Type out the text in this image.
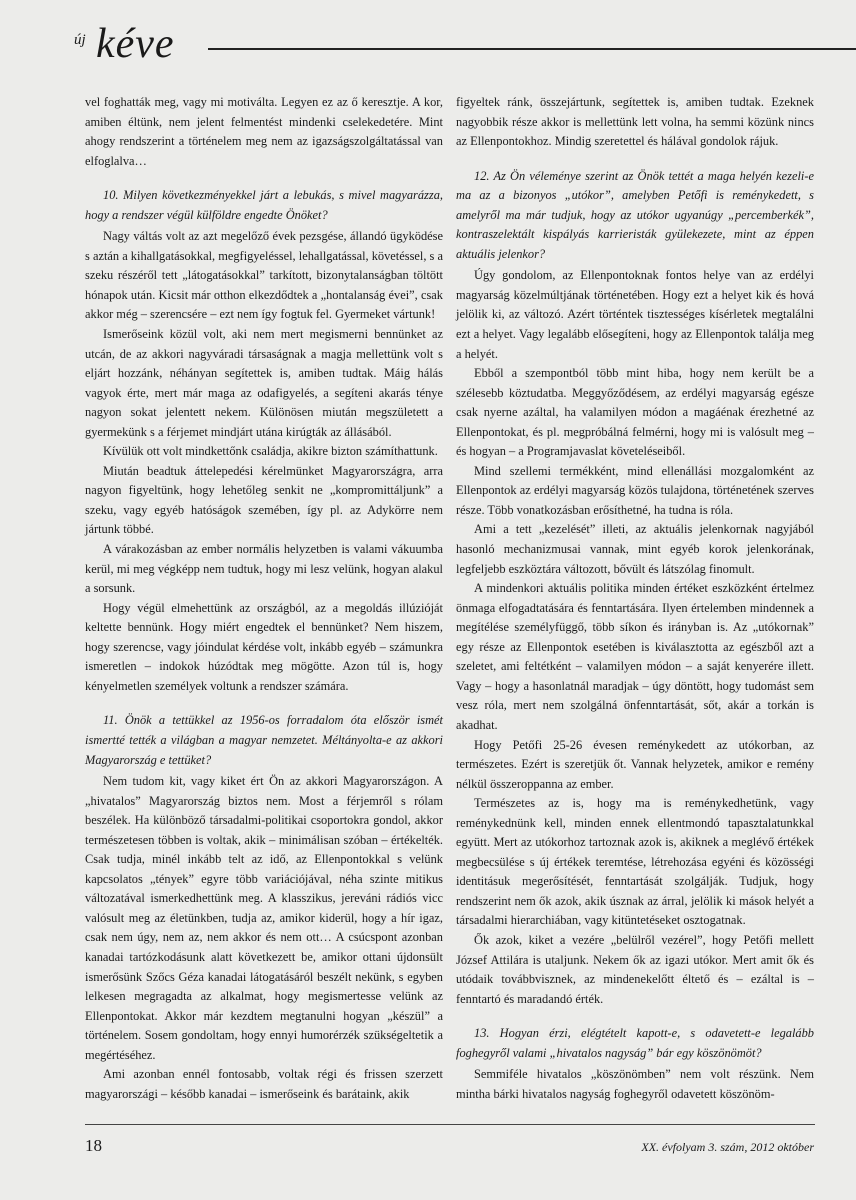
új kéve

vel foghatták meg, vagy mi motiválta. Legyen ez az ő keresztje. A kor, amiben éltünk, nem jelent felmentést mindenki cselekedetére. Mint ahogy rendszerint a történelem meg nem az igazságszolgáltatással van elfoglalva…

10. Milyen következményekkel járt a lebukás, s mivel magyarázza, hogy a rendszer végül külföldre engedte Önöket?

Nagy váltás volt az azt megelőző évek pezsgése, állandó ügyködése s aztán a kihallgatásokkal, megfigyeléssel, lehallgatással, követéssel, s a szeku részéről tett „látogatásokkal” tarkított, bizonytalanságban töltött hónapok után. Kicsit már otthon elkezdődtek a „hontalanság évei”, csak akkor még – szerencsére – ezt nem így fogtuk fel. Gyermeket vártunk!

Ismerőseink közül volt, aki nem mert megismerni bennünket az utcán, de az akkori nagyváradi társaságnak a magja mellettünk volt s eljárt hozzánk, néhányan segítettek is, amiben tudtak. Máig hálás vagyok érte, mert már maga az odafigyelés, a segíteni akarás ténye nagyon sokat jelentett nekem. Különösen miután megszületett a gyermekünk s a férjemet mindjárt utána kirúgták az állásából.

Kívülük ott volt mindkettőnk családja, akikre bizton számíthattunk.

Miután beadtuk áttelepedési kérelmünket Magyarországra, arra nagyon figyeltünk, hogy lehetőleg senkit ne „kompromittáljunk” a szeku, vagy egyéb hatóságok szemében, így pl. az Adykörre nem jártunk többé.

A várakozásban az ember normális helyzetben is valami vákuumba kerül, mi meg végképp nem tudtuk, hogy mi lesz velünk, hogyan alakul a sorsunk.

Hogy végül elmehettünk az országból, az a megoldás illúzióját keltette bennünk. Hogy miért engedtek el bennünket? Nem hiszem, hogy szerencse, vagy jóindulat kérdése volt, inkább egyéb – számunkra ismeretlen – indokok húzódtak meg mögötte. Azon túl is, hogy kényelmetlen személyek voltunk a rendszer számára.

11. Önök a tettükkel az 1956-os forradalom óta először ismét ismertté tették a világban a magyar nemzetet. Méltányolta-e az akkori Magyarország e tettüket?

Nem tudom kit, vagy kiket ért Ön az akkori Magyarországon. A „hivatalos” Magyarország biztos nem. Most a férjemről s rólam beszélek. Ha különböző társadalmi-politikai csoportokra gondol, akkor természetesen többen is voltak, akik – minimálisan szóban – értékelték. Csak tudja, minél inkább telt az idő, az Ellenpontokkal s velünk kapcsolatos „tények” egyre több variációjával, néha szinte mitikus változatával ismerkedhettünk meg. A klasszikus, jereváni rádiós vicc valósult meg az életünkben, tudja az, amikor kiderül, hogy a hír igaz, csak nem úgy, nem az, nem akkor és nem ott… A csúcspont azonban kanadai tartózkodásunk alatt következett be, amikor ottani újdonsült ismerősünk Szőcs Géza kanadai látogatásáról beszélt nekünk, s egyben lelkesen megragadta az alkalmat, hogy megismertesse velünk az Ellenpontokat. Akkor már kezdtem megtanulni hogyan „készül” a történelem. Sosem gondoltam, hogy ennyi humorérzék szükségeltetik a megértéséhez.

Ami azonban ennél fontosabb, voltak régi és frissen szerzett magyarországi – később kanadai – ismerőseink és barátaink, akik

figyeltek ránk, összejártunk, segítettek is, amiben tudtak. Ezeknek nagyobbik része akkor is mellettünk lett volna, ha semmi közünk nincs az Ellenpontokhoz. Mindig szeretettel és hálával gondolok rájuk.

12. Az Ön véleménye szerint az Önök tettét a maga helyén kezeli-e ma az a bizonyos „utókor”, amelyben Petőfi is reménykedett, s amelyről ma már tudjuk, hogy az utókor ugyanúgy „percemberkék”, kontraszelektált kispályás karrieristák gyülekezete, mint az éppen aktuális jelenkor?

Úgy gondolom, az Ellenpontoknak fontos helye van az erdélyi magyarság közelmúltjának történetében. Hogy ezt a helyet kik és hová jelölik ki, az változó. Azért történtek tisztességes kísérletek megtalálni ezt a helyet. Vagy legalább elősegíteni, hogy az Ellenpontok találja meg a helyét.

Ebből a szempontból több mint hiba, hogy nem került be a szélesebb köztudatba. Meggyőződésem, az erdélyi magyarság egésze csak nyerne azáltal, ha valamilyen módon a magáénak érezhetné az Ellenpontokat, és pl. megpróbálná felmérni, hogy mi is valósult meg – és hogyan – a Programjavaslat követeléseiből.

Mind szellemi termékként, mind ellenállási mozgalomként az Ellenpontok az erdélyi magyarság közös tulajdona, történetének szerves része. Több vonatkozásban erősíthetné, ha tudna is róla.

Ami a tett „kezelését” illeti, az aktuális jelenkornak nagyjából hasonló mechanizmusai vannak, mint egyéb korok jelenkorának, legfeljebb eszköztára változott, bővült és látszólag finomult.

A mindenkori aktuális politika minden értéket eszközként értelmez önmaga elfogadtatására és fenntartására. Ilyen értelemben mindennek a megítélése személyfüggő, több síkon és irányban is. Az „utókornak” egy része az Ellenpontok esetében is kiválasztotta az egészből azt a szeletet, ami feltétként – valamilyen módon – a saját kenyerére illett. Vagy – hogy a hasonlatnál maradjak – úgy döntött, hogy tudomást sem vesz róla, mert nem szolgálná önfenntartását, sőt, akár a torkán is akadhat.

Hogy Petőfi 25-26 évesen reménykedett az utókorban, az természetes. Ezért is szeretjük őt. Vannak helyzetek, amikor e remény nélkül összeroppanna az ember.

Természetes az is, hogy ma is reménykedhetünk, vagy reménykednünk kell, minden ennek ellentmondó tapasztalatunkkal együtt. Mert az utókorhoz tartoznak azok is, akiknek a meglévő értékek megbecsülése s új értékek teremtése, létrehozása egyéni és közösségi identitásuk megerősítését, fenntartását szolgálják. Tudjuk, hogy rendszerint nem ők azok, akik úsznak az árral, jelölik ki mások helyét a társadalmi hierarchiában, vagy kitüntetéseket osztogatnak.

Ők azok, kiket a vezére „belülről vezérel”, hogy Petőfi mellett József Attilára is utaljunk. Nekem ők az igazi utókor. Mert amit ők és utódaik továbbvisznek, az mindenekelőtt éltető és – ezáltal is – fenntartó és maradandó érték.

13. Hogyan érzi, elégtételt kapott-e, s odavetett-e legalább foghegyről valami „hivatalos nagyság” bár egy köszönömöt?

Semmiféle hivatalos „köszönömben” nem volt részünk. Nem mintha bárki hivatalos nagyság foghegyről odavetett köszönöm-

18	XX. évfolyam 3. szám, 2012 október
